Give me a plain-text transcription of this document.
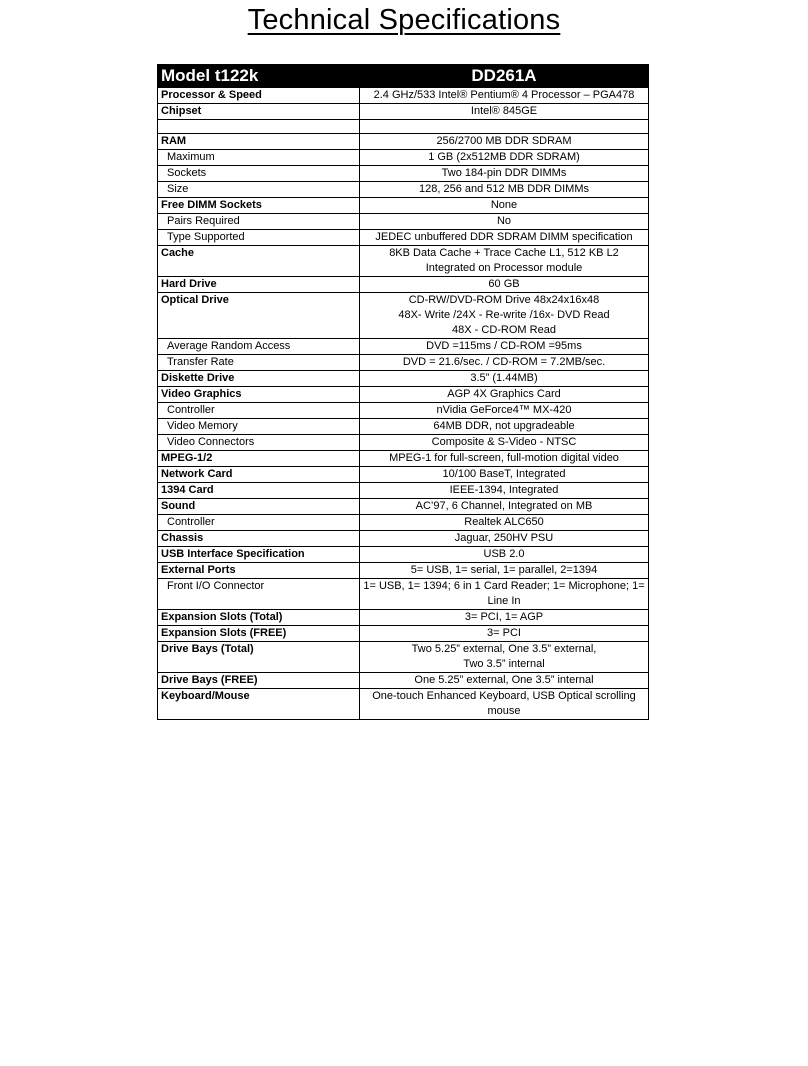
Technical Specifications
Model t122k	DD261A
Processor & Speed	2.4 GHz/533 Intel® Pentium® 4 Processor – PGA478
Chipset	Intel® 845GE

RAM	256/2700 MB DDR SDRAM
Maximum	1 GB (2x512MB DDR SDRAM)
Sockets	Two 184-pin DDR DIMMs
Size	128, 256 and 512 MB DDR DIMMs
Free DIMM Sockets	None
Pairs Required	No
Type Supported	JEDEC unbuffered DDR SDRAM DIMM specification
Cache	8KB Data Cache + Trace Cache L1, 512 KB L2 Integrated on Processor module
Hard Drive	60 GB
Optical Drive	CD-RW/DVD-ROM Drive 48x24x16x48
48X- Write /24X - Re-write /16x- DVD Read
48X - CD-ROM Read
Average Random Access	DVD =115ms / CD-ROM =95ms
Transfer Rate	DVD = 21.6/sec. / CD-ROM = 7.2MB/sec.
Diskette Drive	3.5” (1.44MB)
Video Graphics	AGP 4X Graphics Card
Controller	nVidia GeForce4™ MX-420
Video Memory	64MB DDR, not upgradeable
Video Connectors	Composite & S-Video - NTSC
MPEG-1/2	MPEG-1 for full-screen, full-motion digital video
Network Card	10/100 BaseT, Integrated
1394 Card	IEEE-1394, Integrated
Sound	AC’97, 6 Channel, Integrated on MB
Controller	Realtek ALC650
Chassis	Jaguar, 250HV PSU
USB Interface Specification	USB 2.0
External Ports	5= USB, 1= serial, 1= parallel, 2=1394
Front I/O Connector	1= USB, 1= 1394; 6 in 1 Card Reader; 1= Microphone; 1= Line In
Expansion Slots (Total)	3= PCI, 1= AGP
Expansion Slots (FREE)	3= PCI
Drive Bays (Total)	Two 5.25” external, One 3.5” external,
Two 3.5” internal
Drive Bays (FREE)	One 5.25” external, One 3.5” internal
Keyboard/Mouse	One-touch Enhanced Keyboard, USB Optical scrolling mouse
